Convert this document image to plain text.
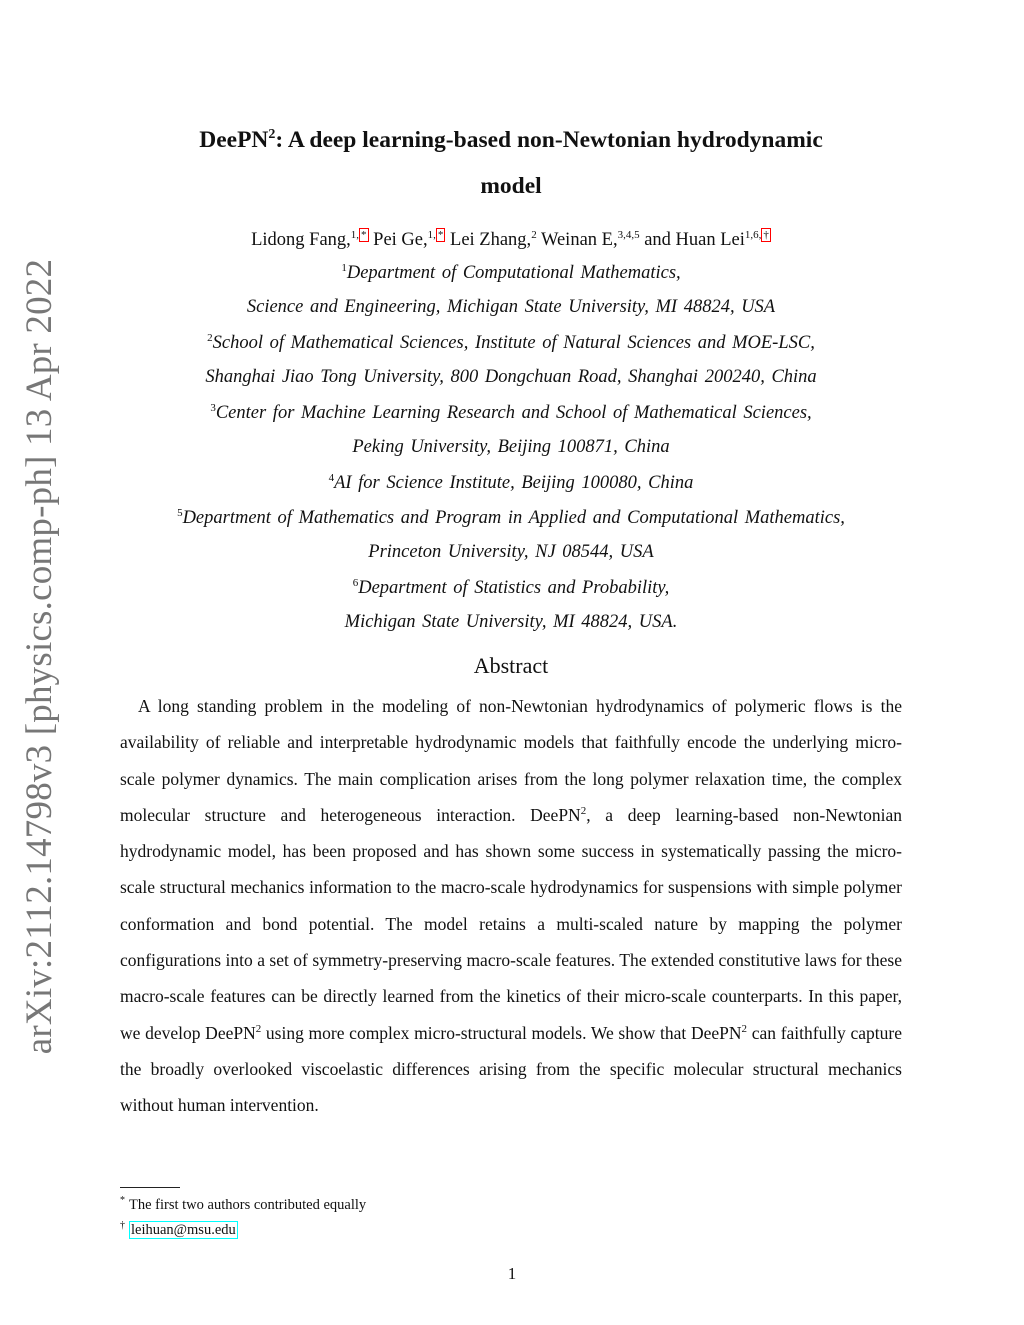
arXiv:2112.14798v3 [physics.comp-ph] 13 Apr 2022
DeePN$^2$: A deep learning-based non-Newtonian hydrodynamic
model
Lidong Fang,$^{1, *}$ Pei Ge,$^{1, *}$ Lei Zhang,$^2$ Weinan E,$^{3,4,5}$ and Huan Lei$^{1,6, \dagger}$
$^1$Department of Computational Mathematics,
Science and Engineering, Michigan State University, MI 48824, USA
$^2$School of Mathematical Sciences, Institute of Natural Sciences and MOE-LSC,
Shanghai Jiao Tong University, 800 Dongchuan Road, Shanghai 200240, China
$^3$Center for Machine Learning Research and School of Mathematical Sciences,
Peking University, Beijing 100871, China
$^4$AI for Science Institute, Beijing 100080, China
$^5$Department of Mathematics and Program in Applied and Computational Mathematics,
Princeton University, NJ 08544, USA
$^6$Department of Statistics and Probability,
Michigan State University, MI 48824, USA.
Abstract

A long standing problem in the modeling of non-Newtonian hydrodynamics of polymeric flows is the availability of reliable and interpretable hydrodynamic models that faithfully encode the underlying micro-scale polymer dynamics. The main complication arises from the long polymer relaxation time, the complex molecular structure and heterogeneous interaction. DeePN$^2$, a deep learning-based non-Newtonian hydrodynamic model, has been proposed and has shown some success in systematically passing the micro-scale structural mechanics information to the macro-scale hydrodynamics for suspensions with simple polymer conformation and bond potential. The model retains a multi-scaled nature by mapping the polymer configurations into a set of symmetry-preserving macro-scale features. The extended constitutive laws for these macro-scale features can be directly learned from the kinetics of their micro-scale counterparts. In this paper, we develop DeePN$^2$ using more complex micro-structural models. We show that DeePN$^2$ can faithfully capture the broadly overlooked viscoelastic differences arising from the specific molecular structural mechanics without human intervention.

* The first two authors contributed equally
† leihuan@msu.edu
1
